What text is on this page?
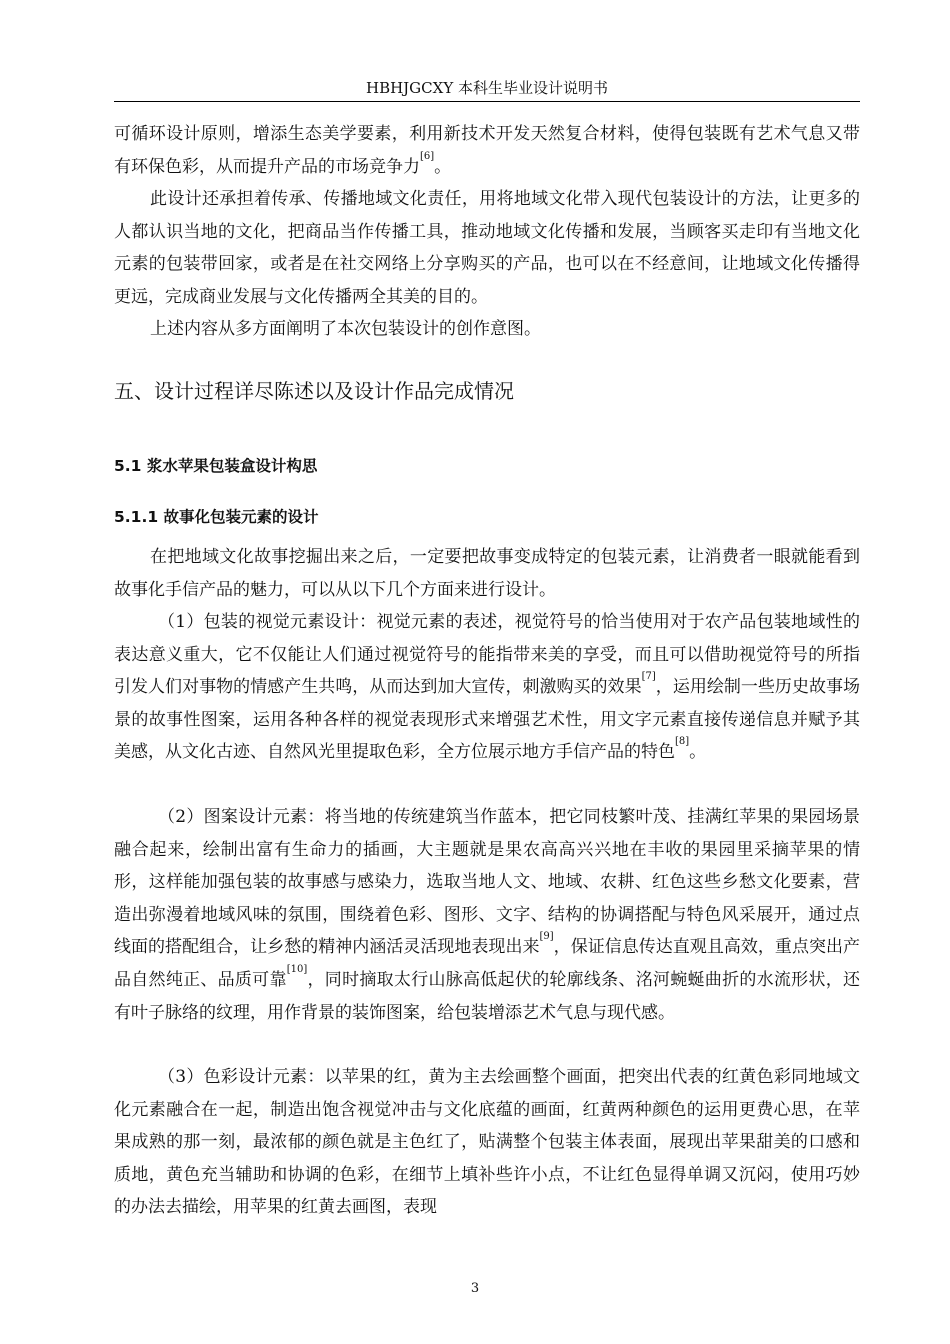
HBHJGCXY 本科生毕业设计说明书

可循环设计原则，增添生态美学要素，利用新技术开发天然复合材料，使得包装既有艺术气息又带有环保色彩，从而提升产品的市场竞争力[6]。

此设计还承担着传承、传播地域文化责任，用将地域文化带入现代包装设计的方法，让更多的人都认识当地的文化，把商品当作传播工具，推动地域文化传播和发展，当顾客买走印有当地文化元素的包装带回家，或者是在社交网络上分享购买的产品，也可以在不经意间，让地域文化传播得更远，完成商业发展与文化传播两全其美的目的。

上述内容从多方面阐明了本次包装设计的创作意图。

五、设计过程详尽陈述以及设计作品完成情况
5.1 浆水苹果包装盒设计构思
5.1.1 故事化包装元素的设计

在把地域文化故事挖掘出来之后，一定要把故事变成特定的包装元素，让消费者一眼就能看到故事化手信产品的魅力，可以从以下几个方面来进行设计。

（1）包装的视觉元素设计：视觉元素的表述，视觉符号的恰当使用对于农产品包装地域性的表达意义重大，它不仅能让人们通过视觉符号的能指带来美的享受，而且可以借助视觉符号的所指引发人们对事物的情感产生共鸣，从而达到加大宣传，刺激购买的效果[7]，运用绘制一些历史故事场景的故事性图案，运用各种各样的视觉表现形式来增强艺术性，用文字元素直接传递信息并赋予其美感，从文化古迹、自然风光里提取色彩，全方位展示地方手信产品的特色[8]。

（2）图案设计元素：将当地的传统建筑当作蓝本，把它同枝繁叶茂、挂满红苹果的果园场景融合起来，绘制出富有生命力的插画，大主题就是果农高高兴兴地在丰收的果园里采摘苹果的情形，这样能加强包装的故事感与感染力，选取当地人文、地域、农耕、红色这些乡愁文化要素，营造出弥漫着地域风味的氛围，围绕着色彩、图形、文字、结构的协调搭配与特色风采展开，通过点线面的搭配组合，让乡愁的精神内涵活灵活现地表现出来[9]，保证信息传达直观且高效，重点突出产品自然纯正、品质可靠[10]，同时摘取太行山脉高低起伏的轮廓线条、洺河蜿蜒曲折的水流形状，还有叶子脉络的纹理，用作背景的装饰图案，给包装增添艺术气息与现代感。

（3）色彩设计元素：以苹果的红，黄为主去绘画整个画面，把突出代表的红黄色彩同地域文化元素融合在一起，制造出饱含视觉冲击与文化底蕴的画面，红黄两种颜色的运用更费心思，在苹果成熟的那一刻，最浓郁的颜色就是主色红了，贴满整个包装主体表面，展现出苹果甜美的口感和质地，黄色充当辅助和协调的色彩，在细节上填补些许小点，不让红色显得单调又沉闷，使用巧妙的办法去描绘，用苹果的红黄去画图，表现

3
